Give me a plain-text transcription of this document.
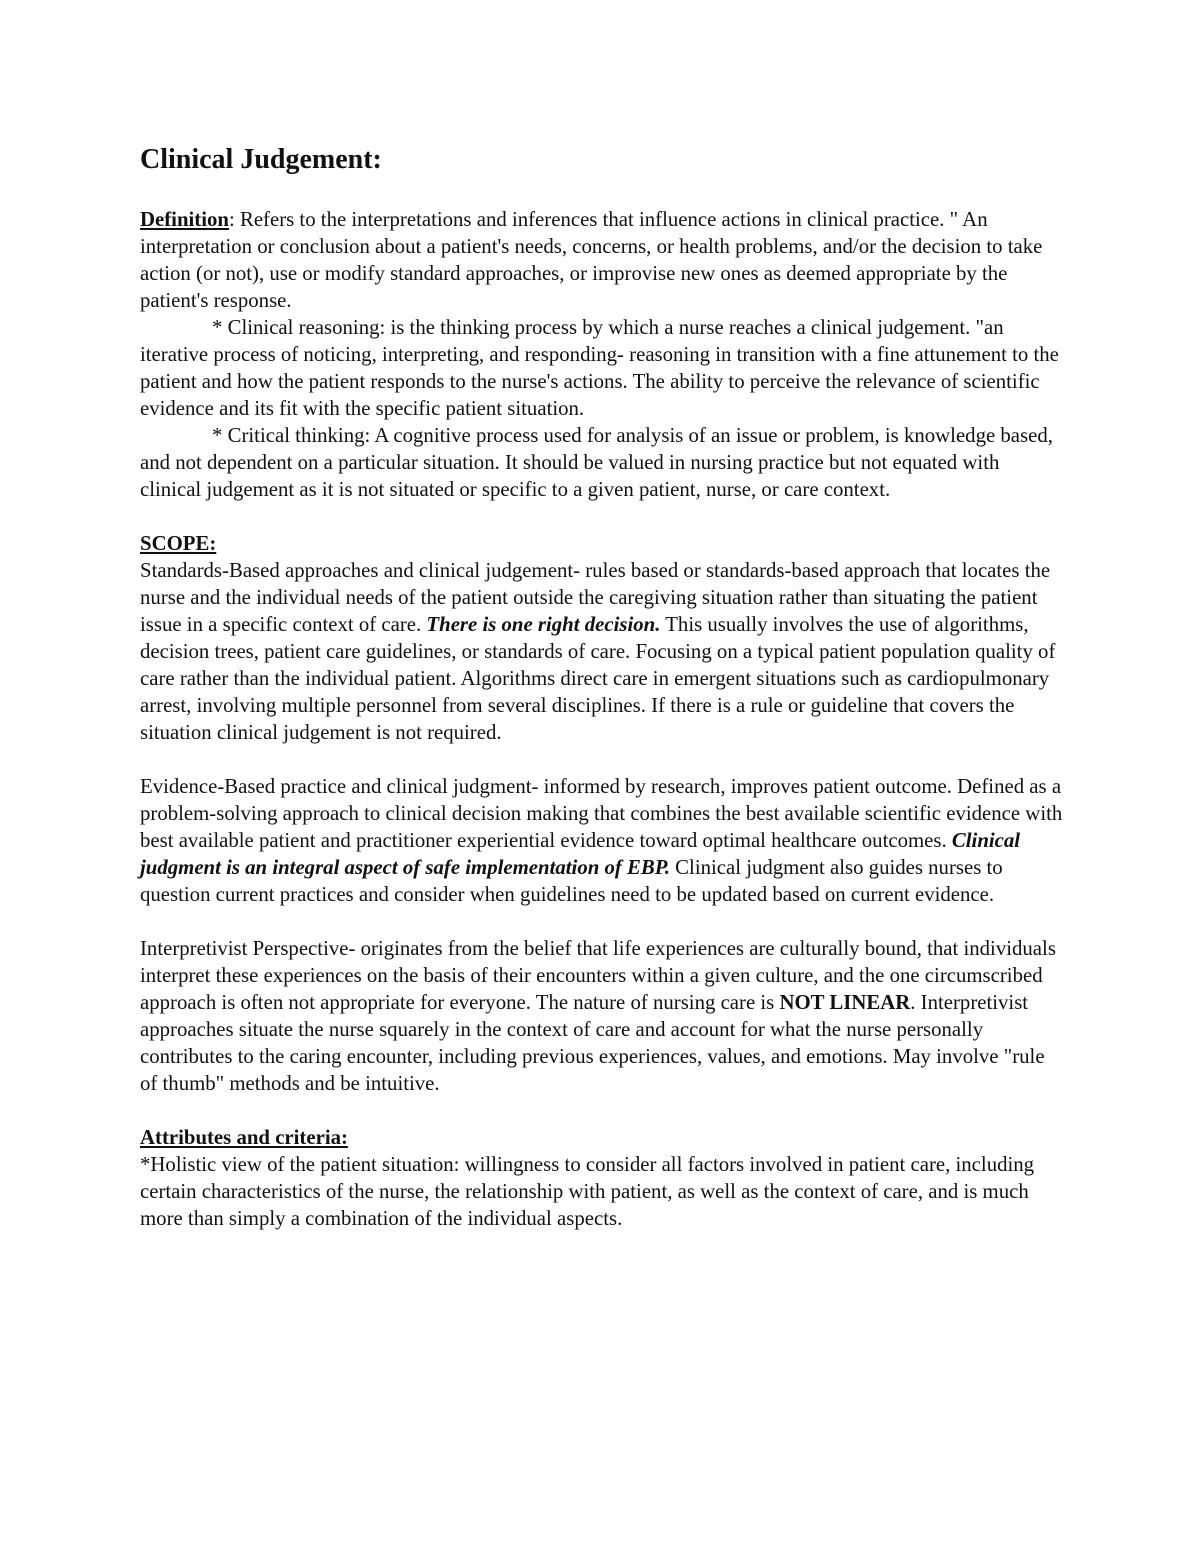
Clinical Judgement:

Definition: Refers to the interpretations and inferences that influence actions in clinical practice. " An interpretation or conclusion about a patient's needs, concerns, or health problems, and/or the decision to take action (or not), use or modify standard approaches, or improvise new ones as deemed appropriate by the patient's response.

* Clinical reasoning: is the thinking process by which a nurse reaches a clinical judgement. "an iterative process of noticing, interpreting, and responding- reasoning in transition with a fine attunement to the patient and how the patient responds to the nurse's actions. The ability to perceive the relevance of scientific evidence and its fit with the specific patient situation.

* Critical thinking: A cognitive process used for analysis of an issue or problem, is knowledge based, and not dependent on a particular situation. It should be valued in nursing practice but not equated with clinical judgement as it is not situated or specific to a given patient, nurse, or care context.

SCOPE:

Standards-Based approaches and clinical judgement- rules based or standards-based approach that locates the nurse and the individual needs of the patient outside the caregiving situation rather than situating the patient issue in a specific context of care. There is one right decision. This usually involves the use of algorithms, decision trees, patient care guidelines, or standards of care. Focusing on a typical patient population quality of care rather than the individual patient. Algorithms direct care in emergent situations such as cardiopulmonary arrest, involving multiple personnel from several disciplines. If there is a rule or guideline that covers the situation clinical judgement is not required.

Evidence-Based practice and clinical judgment- informed by research, improves patient outcome. Defined as a problem-solving approach to clinical decision making that combines the best available scientific evidence with best available patient and practitioner experiential evidence toward optimal healthcare outcomes. Clinical judgment is an integral aspect of safe implementation of EBP. Clinical judgment also guides nurses to question current practices and consider when guidelines need to be updated based on current evidence.

Interpretivist Perspective- originates from the belief that life experiences are culturally bound, that individuals interpret these experiences on the basis of their encounters within a given culture, and the one circumscribed approach is often not appropriate for everyone. The nature of nursing care is NOT LINEAR. Interpretivist approaches situate the nurse squarely in the context of care and account for what the nurse personally contributes to the caring encounter, including previous experiences, values, and emotions. May involve "rule of thumb" methods and be intuitive.

Attributes and criteria:

*Holistic view of the patient situation: willingness to consider all factors involved in patient care, including certain characteristics of the nurse, the relationship with patient, as well as the context of care, and is much more than simply a combination of the individual aspects.
